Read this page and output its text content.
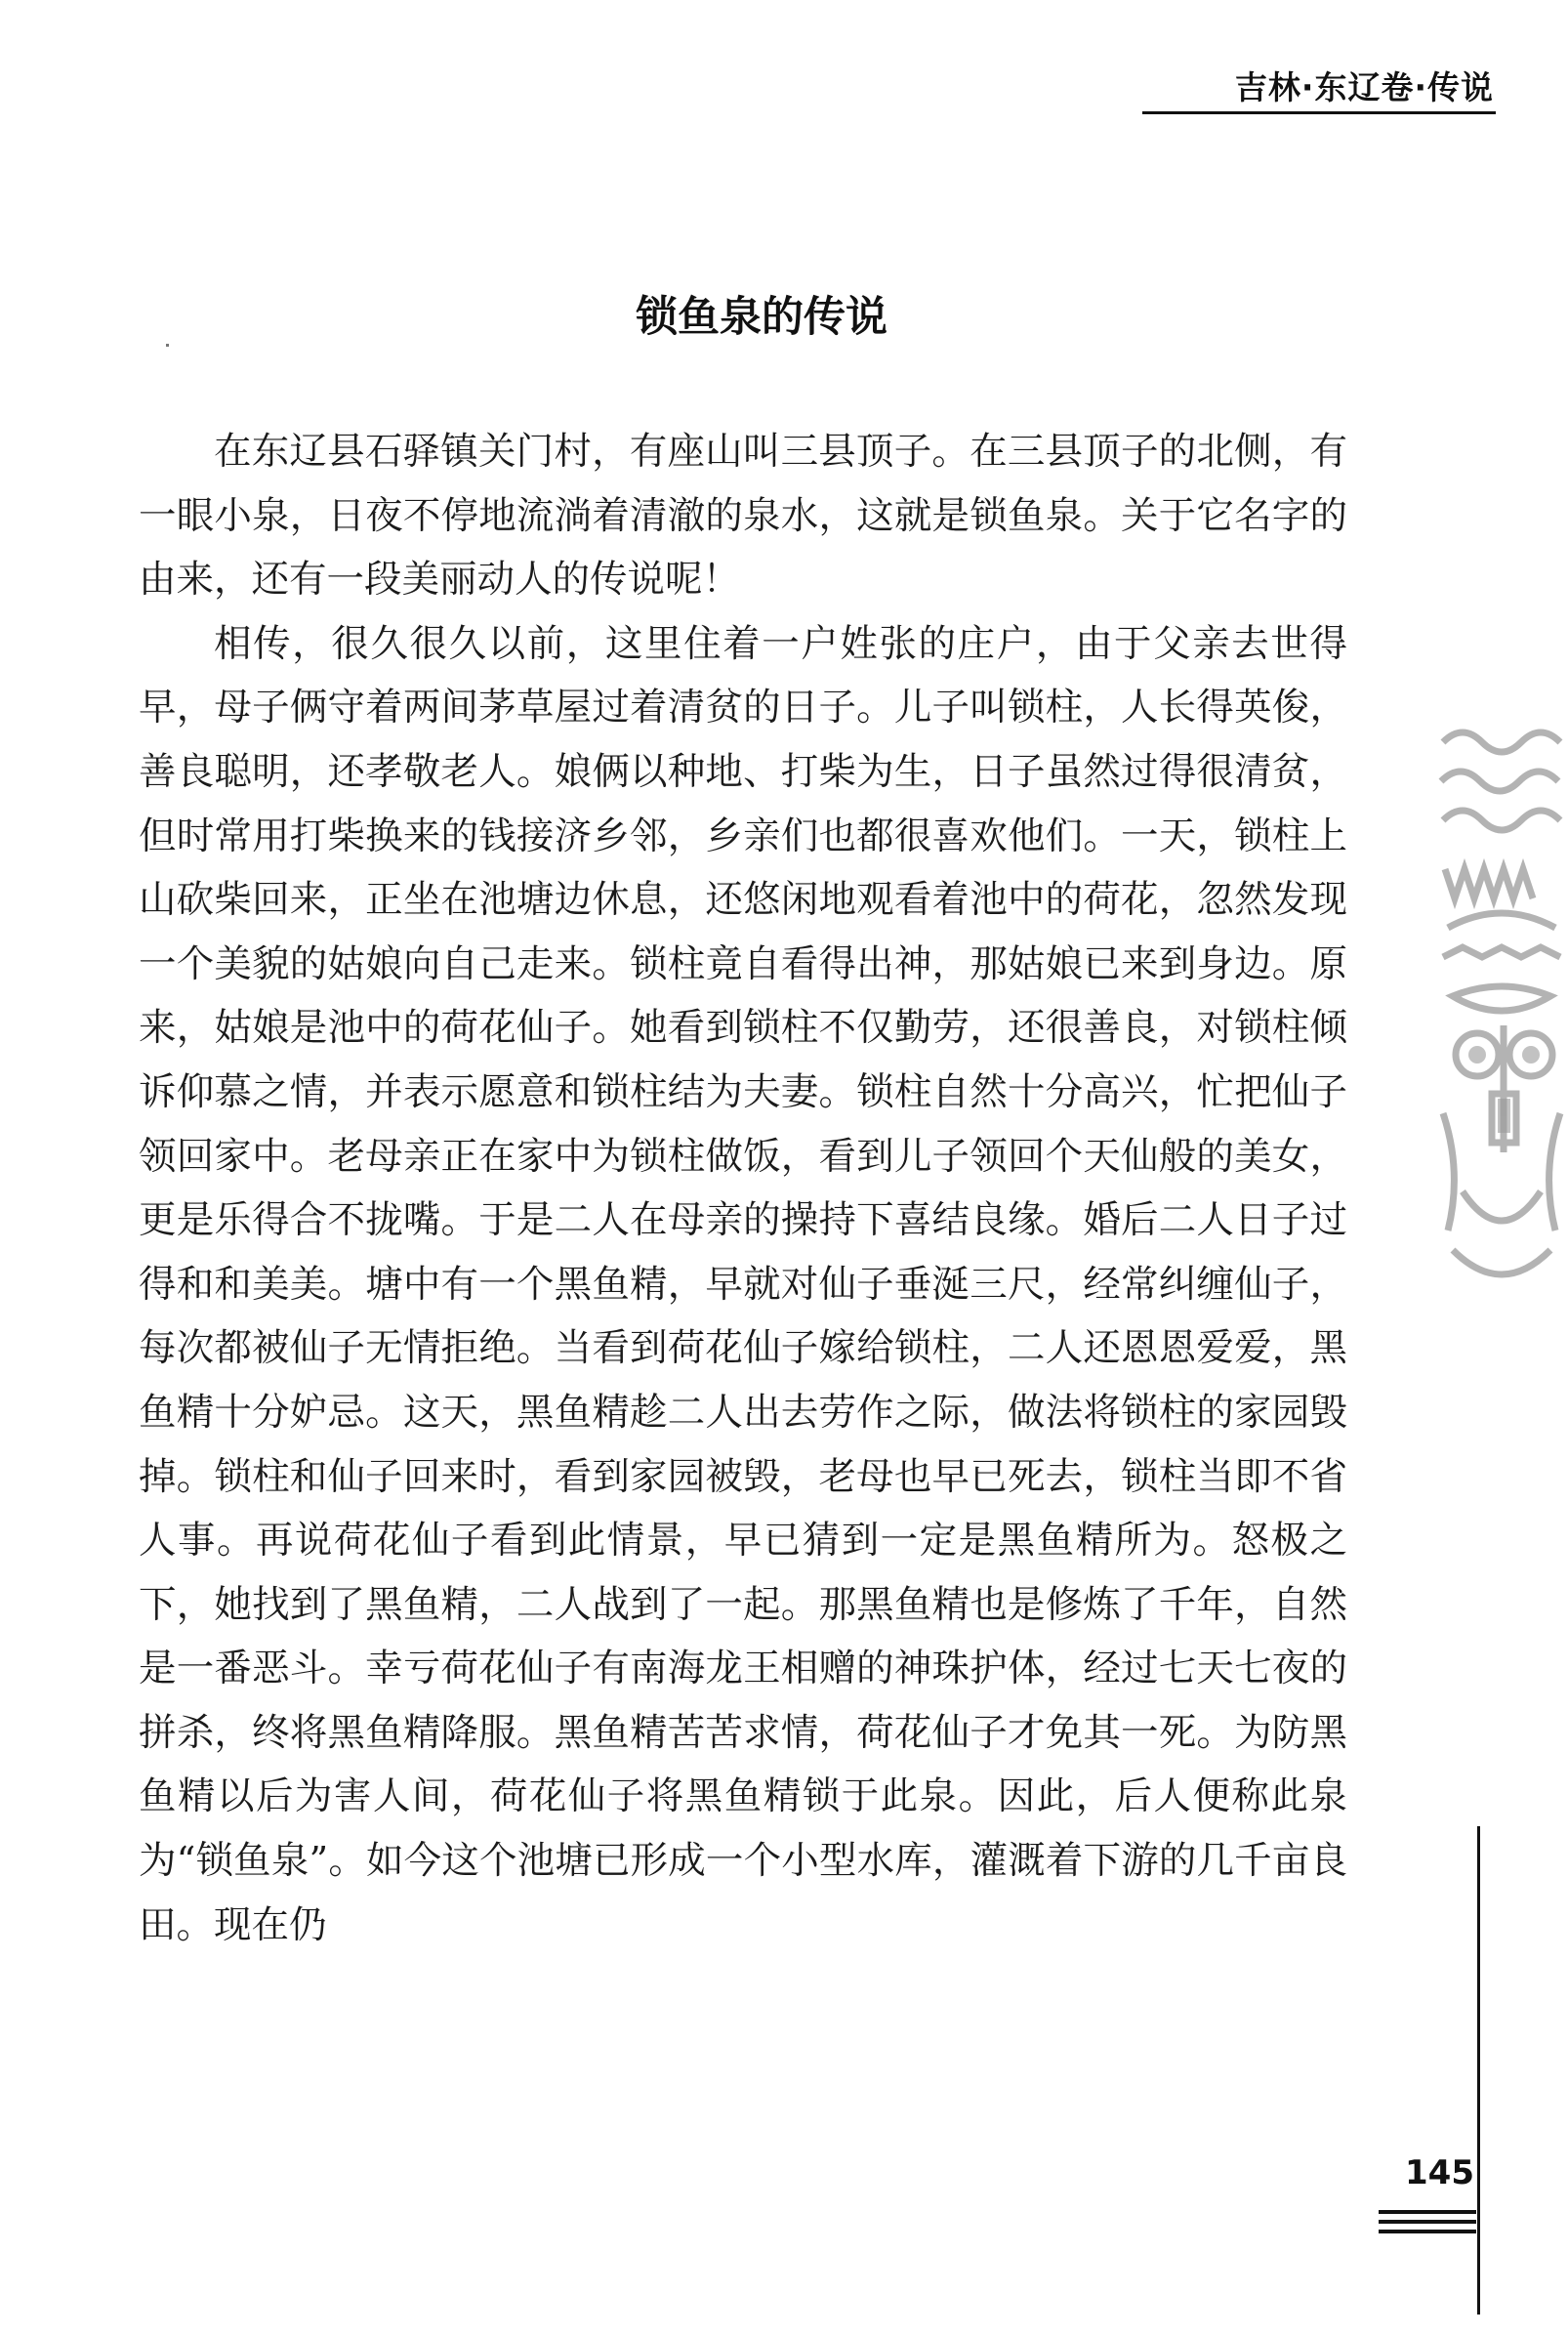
吉林·东辽卷·传说
锁鱼泉的传说

在东辽县石驿镇关门村，有座山叫三县顶子。在三县顶子的北侧，有一眼小泉，日夜不停地流淌着清澈的泉水，这就是锁鱼泉。关于它名字的由来，还有一段美丽动人的传说呢！

相传，很久很久以前，这里住着一户姓张的庄户，由于父亲去世得早，母子俩守着两间茅草屋过着清贫的日子。儿子叫锁柱，人长得英俊，善良聪明，还孝敬老人。娘俩以种地、打柴为生，日子虽然过得很清贫，但时常用打柴换来的钱接济乡邻，乡亲们也都很喜欢他们。一天，锁柱上山砍柴回来，正坐在池塘边休息，还悠闲地观看着池中的荷花，忽然发现一个美貌的姑娘向自己走来。锁柱竟自看得出神，那姑娘已来到身边。原来，姑娘是池中的荷花仙子。她看到锁柱不仅勤劳，还很善良，对锁柱倾诉仰慕之情，并表示愿意和锁柱结为夫妻。锁柱自然十分高兴，忙把仙子领回家中。老母亲正在家中为锁柱做饭，看到儿子领回个天仙般的美女，更是乐得合不拢嘴。于是二人在母亲的操持下喜结良缘。婚后二人日子过得和和美美。塘中有一个黑鱼精，早就对仙子垂涎三尺，经常纠缠仙子，每次都被仙子无情拒绝。当看到荷花仙子嫁给锁柱，二人还恩恩爱爱，黑鱼精十分妒忌。这天，黑鱼精趁二人出去劳作之际，做法将锁柱的家园毁掉。锁柱和仙子回来时，看到家园被毁，老母也早已死去，锁柱当即不省人事。再说荷花仙子看到此情景，早已猜到一定是黑鱼精所为。怒极之下，她找到了黑鱼精，二人战到了一起。那黑鱼精也是修炼了千年，自然是一番恶斗。幸亏荷花仙子有南海龙王相赠的神珠护体，经过七天七夜的拼杀，终将黑鱼精降服。黑鱼精苦苦求情，荷花仙子才免其一死。为防黑鱼精以后为害人间，荷花仙子将黑鱼精锁于此泉。因此，后人便称此泉为“锁鱼泉”。如今这个池塘已形成一个小型水库，灌溉着下游的几千亩良田。现在仍

145
